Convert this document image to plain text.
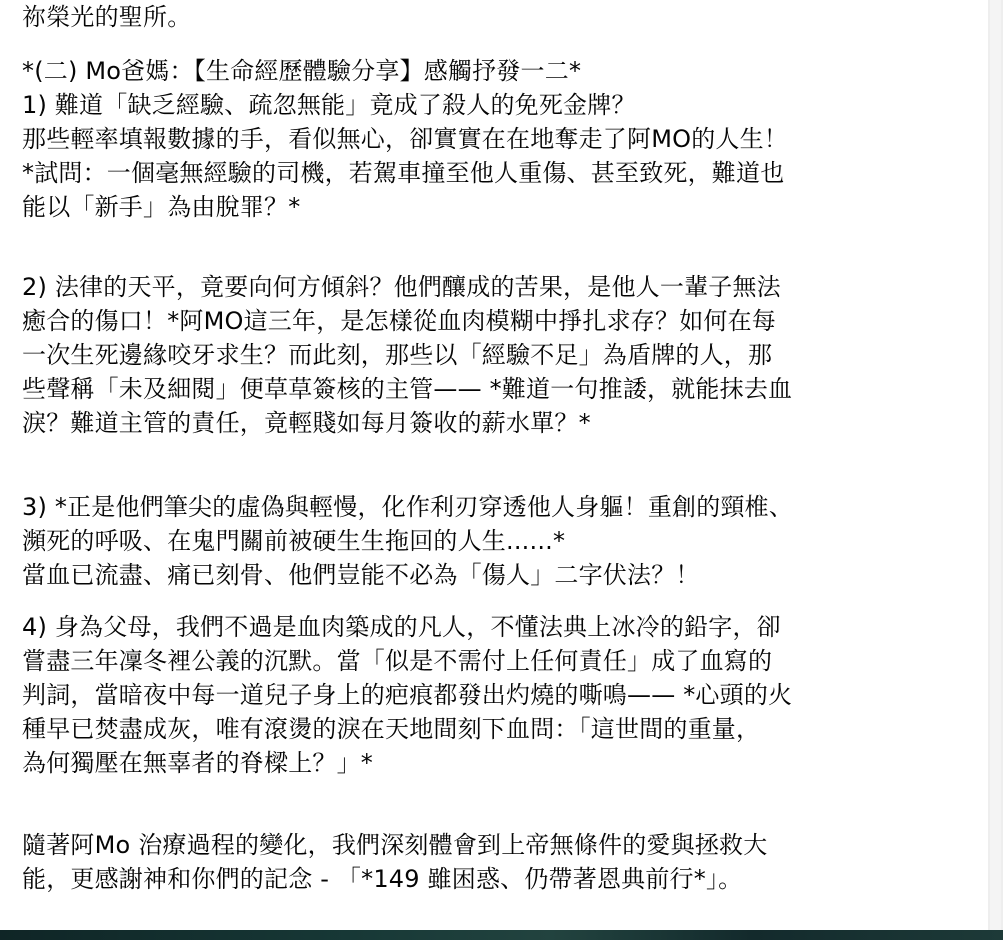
祢榮光的聖所。

*(二) Mo爸媽：【生命經歷體驗分享】感觸抒發一二*
1) 難道「缺乏經驗、疏忽無能」竟成了殺人的免死金牌？
那些輕率填報數據的手，看似無心，卻實實在在地奪走了阿MO的人生！
*試問：一個毫無經驗的司機，若駕車撞至他人重傷、甚至致死，難道也
能以「新手」為由脫罪？*

2) 法律的天平，竟要向何方傾斜？他們釀成的苦果，是他人一輩子無法
癒合的傷口！*阿MO這三年，是怎樣從血肉模糊中掙扎求存？如何在每
一次生死邊緣咬牙求生？而此刻，那些以「經驗不足」為盾牌的人，那
些聲稱「未及細閱」便草草簽核的主管—— *難道一句推諉，就能抹去血
淚？難道主管的責任，竟輕賤如每月簽收的薪水單？*

3) *正是他們筆尖的虛偽與輕慢，化作利刃穿透他人身軀！重創的頸椎、
瀕死的呼吸、在鬼門關前被硬生生拖回的人生......*
當血已流盡、痛已刻骨、他們豈能不必為「傷人」二字伏法？！

4) 身為父母，我們不過是血肉築成的凡人，不懂法典上冰冷的鉛字，卻
嘗盡三年凜冬裡公義的沉默。當「似是不需付上任何責任」成了血寫的
判詞，當暗夜中每一道兒子身上的疤痕都發出灼燒的嘶鳴—— *心頭的火
種早已焚盡成灰，唯有滾燙的淚在天地間刻下血問：「這世間的重量，
為何獨壓在無辜者的脊樑上？」*

隨著阿Mo 治療過程的變化，我們深刻體會到上帝無條件的愛與拯救大
能，更感謝神和你們的記念 - 「*149 雖困惑、仍帶著恩典前行*」。
